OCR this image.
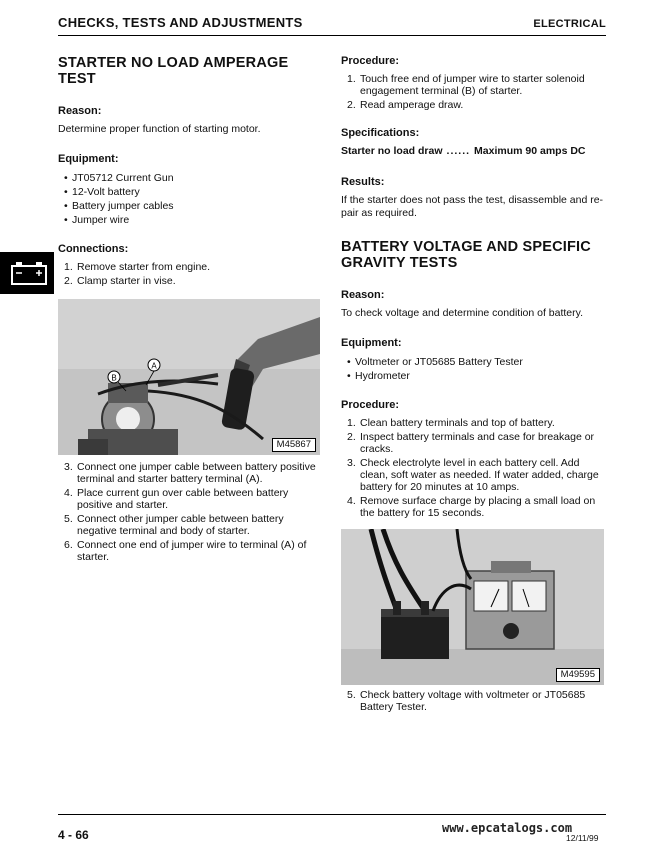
CHECKS, TESTS AND ADJUSTMENTS	ELECTRICAL
STARTER NO LOAD AMPERAGE
TEST
Reason:
Determine proper function of starting motor.
Equipment:
• JT05712 Current Gun
• 12-Volt battery
• Battery jumper cables
• Jumper wire
Connections:
1. Remove starter from engine.
2. Clamp starter in vise.
A
B
M45867
3. Connect one jumper cable between battery positive terminal and starter battery terminal (A).
4. Place current gun over cable between battery positive and starter.
5. Connect other jumper cable between battery negative terminal and body of starter.
6. Connect one end of jumper wire to terminal (A) of starter.
Procedure:
1. Touch free end of jumper wire to starter solenoid engagement terminal (B) of starter.
2. Read amperage draw.
Specifications:
Starter no load draw ...... Maximum 90 amps DC
Results:
If the starter does not pass the test, disassemble and re-pair as required.
BATTERY VOLTAGE AND SPECIFIC
GRAVITY TESTS
Reason:
To check voltage and determine condition of battery.
Equipment:
• Voltmeter or JT05685 Battery Tester
• Hydrometer
Procedure:
1. Clean battery terminals and top of battery.
2. Inspect battery terminals and case for breakage or cracks.
3. Check electrolyte level in each battery cell. Add clean, soft water as needed. If water added, charge battery for 20 minutes at 10 amps.
4. Remove surface charge by placing a small load on the battery for 15 seconds.
M49595
5. Check battery voltage with voltmeter or JT05685 Battery Tester.
4 - 66	www.epcatalogs.com
12/11/99
